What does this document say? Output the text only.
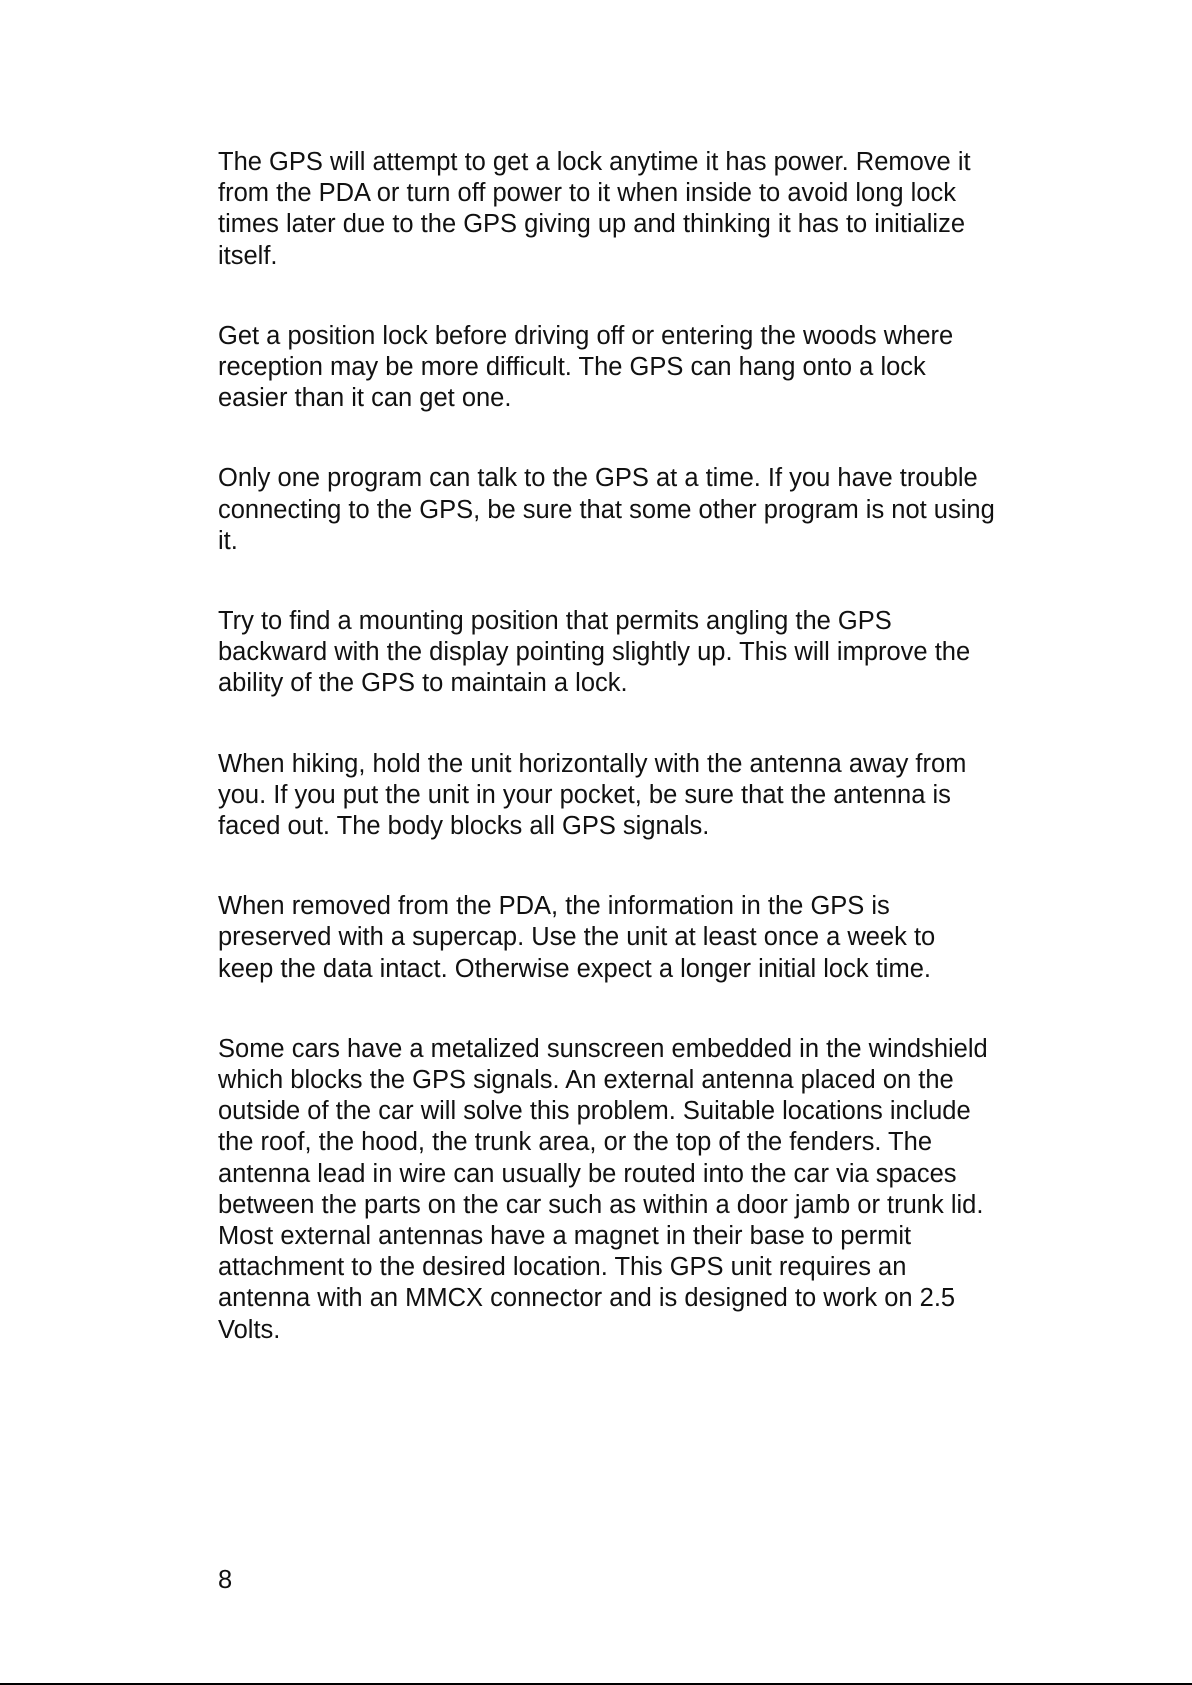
The GPS will attempt to get a lock anytime it has power. Remove it
from the PDA or turn off power to it when inside to avoid long lock
times later due to the GPS giving up and thinking it has to initialize
itself.

Get a position lock before driving off or entering the woods where
reception may be more difficult. The GPS can hang onto a lock
easier than it can get one.

Only one program can talk to the GPS at a time. If you have trouble
connecting to the GPS, be sure that some other program is not using
it.

Try to find a mounting position that permits angling the GPS
backward with the display pointing slightly up. This will improve the
ability of the GPS to maintain a lock.

When hiking, hold the unit horizontally with the antenna away from
you. If you put the unit in your pocket, be sure that the antenna is
faced out. The body blocks all GPS signals.

When removed from the PDA, the information in the GPS is
preserved with a supercap. Use the unit at least once a week to
keep the data intact. Otherwise expect a longer initial lock time.

Some cars have a metalized sunscreen embedded in the windshield
which blocks the GPS signals. An external antenna placed on the
outside of the car will solve this problem. Suitable locations include
the roof, the hood, the trunk area, or the top of the fenders. The
antenna lead in wire can usually be routed into the car via spaces
between the parts on the car such as within a door jamb or trunk lid.
Most external antennas have a magnet in their base to permit
attachment to the desired location. This GPS unit requires an
antenna with an MMCX connector and is designed to work on 2.5
Volts.

8
